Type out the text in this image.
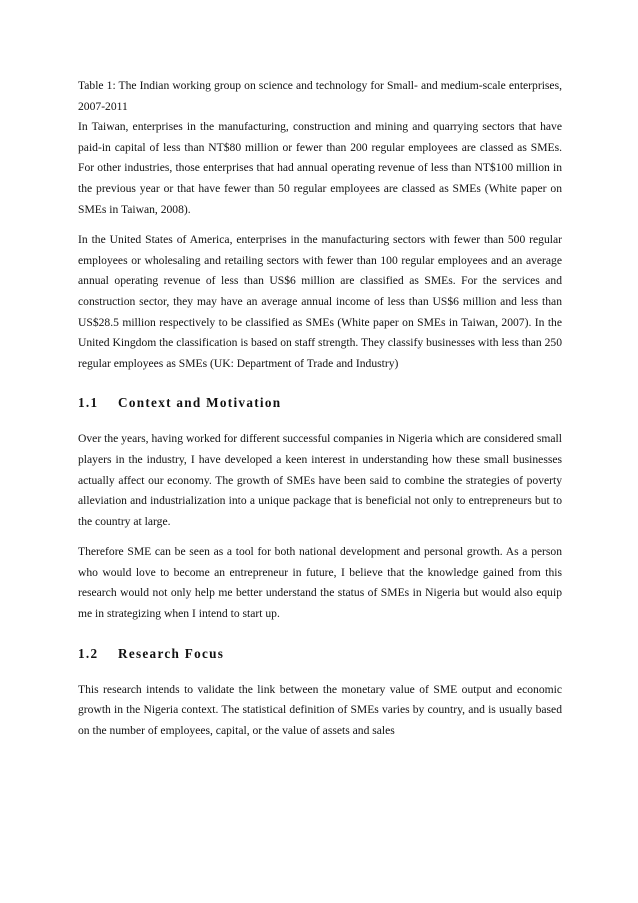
Table 1: The Indian working group on science and technology for Small- and medium-scale enterprises, 2007-2011

In Taiwan, enterprises in the manufacturing, construction and mining and quarrying sectors that have paid-in capital of less than NT$80 million or fewer than 200 regular employees are classed as SMEs. For other industries, those enterprises that had annual operating revenue of less than NT$100 million in the previous year or that have fewer than 50 regular employees are classed as SMEs (White paper on SMEs in Taiwan, 2008).

In the United States of America, enterprises in the manufacturing sectors with fewer than 500 regular employees or wholesaling and retailing sectors with fewer than 100 regular employees and an average annual operating revenue of less than US$6 million are classified as SMEs. For the services and construction sector, they may have an average annual income of less than US$6 million and less than US$28.5 million respectively to be classified as SMEs (White paper on SMEs in Taiwan, 2007). In the United Kingdom the classification is based on staff strength. They classify businesses with less than 250 regular employees as SMEs (UK: Department of Trade and Industry)

1.1 Context and Motivation

Over the years, having worked for different successful companies in Nigeria which are considered small players in the industry, I have developed a keen interest in understanding how these small businesses actually affect our economy. The growth of SMEs have been said to combine the strategies of poverty alleviation and industrialization into a unique package that is beneficial not only to entrepreneurs but to the country at large.

Therefore SME can be seen as a tool for both national development and personal growth. As a person who would love to become an entrepreneur in future, I believe that the knowledge gained from this research would not only help me better understand the status of SMEs in Nigeria but would also equip me in strategizing when I intend to start up.

1.2 Research Focus

This research intends to validate the link between the monetary value of SME output and economic growth in the Nigeria context. The statistical definition of SMEs varies by country, and is usually based on the number of employees, capital, or the value of assets and sales
